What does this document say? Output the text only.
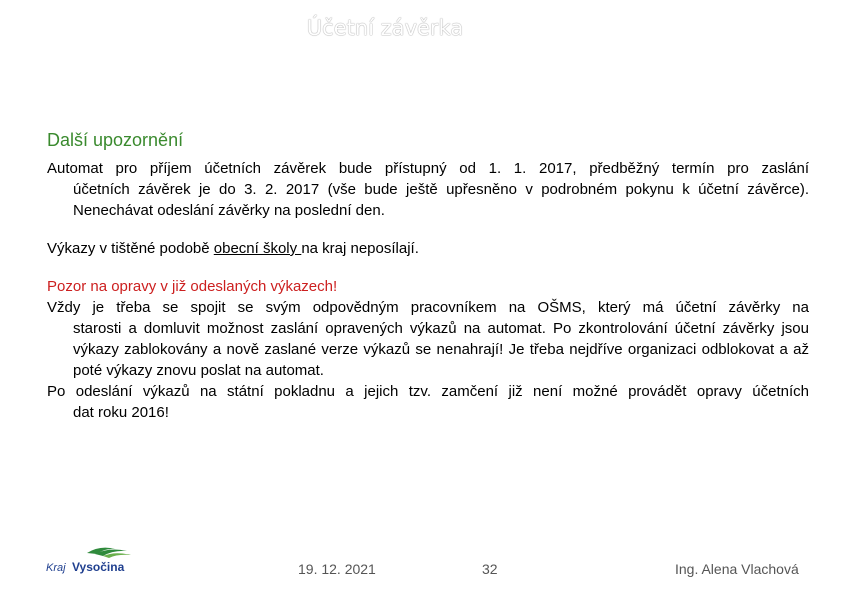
Účetní závěrka
Další upozornění
Automat pro příjem účetních závěrek bude přístupný od 1. 1. 2017, předběžný termín pro zaslání
účetních závěrek je do 3. 2. 2017 (vše bude ještě upřesněno v podrobném pokynu k účetní závěrce). Nenechávat odeslání závěrky na poslední den.
Výkazy v tištěné podobě obecní školy na kraj neposílají.
Pozor na opravy v již odeslaných výkazech!
Vždy je třeba se spojit se svým odpovědným pracovníkem na OŠMS, který má účetní závěrky na
starosti a domluvit možnost zaslání opravených výkazů na automat. Po zkontrolování účetní závěrky jsou výkazy zablokovány a nově zaslané verze výkazů se nenahrají! Je třeba nejdříve organizaci odblokovat a až poté výkazy znovu poslat na automat.
Po odeslání výkazů na státní pokladnu a jejich tzv. zamčení již není možné provádět opravy účetních
dat roku 2016!
Kraj Vysočina	19. 12. 2021	32	Ing. Alena Vlachová
